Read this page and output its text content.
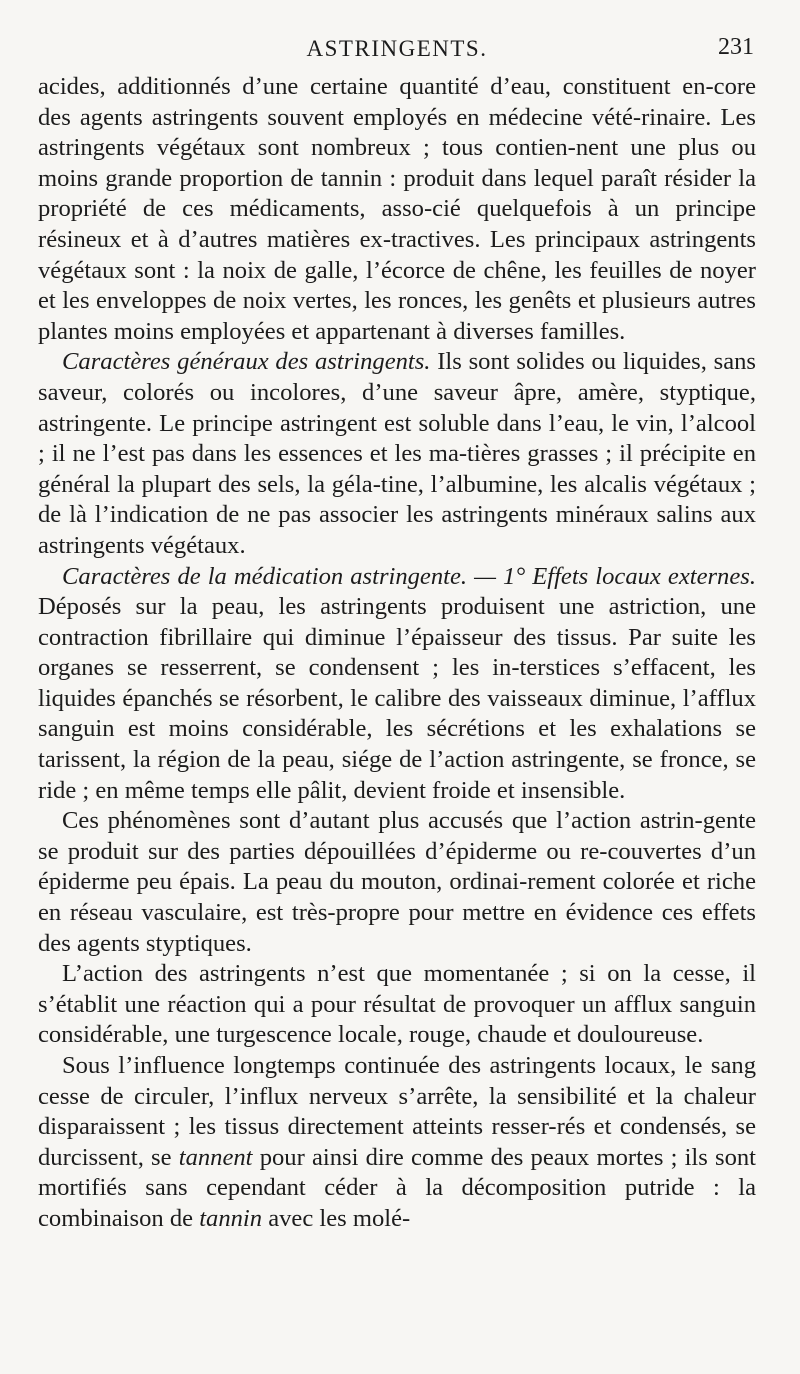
ASTRINGENTS.	231

acides, additionnés d’une certaine quantité d’eau, constituent en-core des agents astringents souvent employés en médecine vété-rinaire. Les astringents végétaux sont nombreux ; tous contien-nent une plus ou moins grande proportion de tannin : produit dans lequel paraît résider la propriété de ces médicaments, asso-cié quelquefois à un principe résineux et à d’autres matières ex-tractives. Les principaux astringents végétaux sont : la noix de galle, l’écorce de chêne, les feuilles de noyer et les enveloppes de noix vertes, les ronces, les genêts et plusieurs autres plantes moins employées et appartenant à diverses familles.

Caractères généraux des astringents. Ils sont solides ou liquides, sans saveur, colorés ou incolores, d’une saveur âpre, amère, styptique, astringente. Le principe astringent est soluble dans l’eau, le vin, l’alcool ; il ne l’est pas dans les essences et les ma-tières grasses ; il précipite en général la plupart des sels, la géla-tine, l’albumine, les alcalis végétaux ; de là l’indication de ne pas associer les astringents minéraux salins aux astringents végétaux.

Caractères de la médication astringente. — 1° Effets locaux externes. Déposés sur la peau, les astringents produisent une astriction, une contraction fibrillaire qui diminue l’épaisseur des tissus. Par suite les organes se resserrent, se condensent ; les in-terstices s’effacent, les liquides épanchés se résorbent, le calibre des vaisseaux diminue, l’afflux sanguin est moins considérable, les sécrétions et les exhalations se tarissent, la région de la peau, siége de l’action astringente, se fronce, se ride ; en même temps elle pâlit, devient froide et insensible.

Ces phénomènes sont d’autant plus accusés que l’action astrin-gente se produit sur des parties dépouillées d’épiderme ou re-couvertes d’un épiderme peu épais. La peau du mouton, ordinai-rement colorée et riche en réseau vasculaire, est très-propre pour mettre en évidence ces effets des agents styptiques.

L’action des astringents n’est que momentanée ; si on la cesse, il s’établit une réaction qui a pour résultat de provoquer un afflux sanguin considérable, une turgescence locale, rouge, chaude et douloureuse.

Sous l’influence longtemps continuée des astringents locaux, le sang cesse de circuler, l’influx nerveux s’arrête, la sensibilité et la chaleur disparaissent ; les tissus directement atteints resser-rés et condensés, se durcissent, se tannent pour ainsi dire comme des peaux mortes ; ils sont mortifiés sans cependant céder à la décomposition putride : la combinaison de tannin avec les molé-
